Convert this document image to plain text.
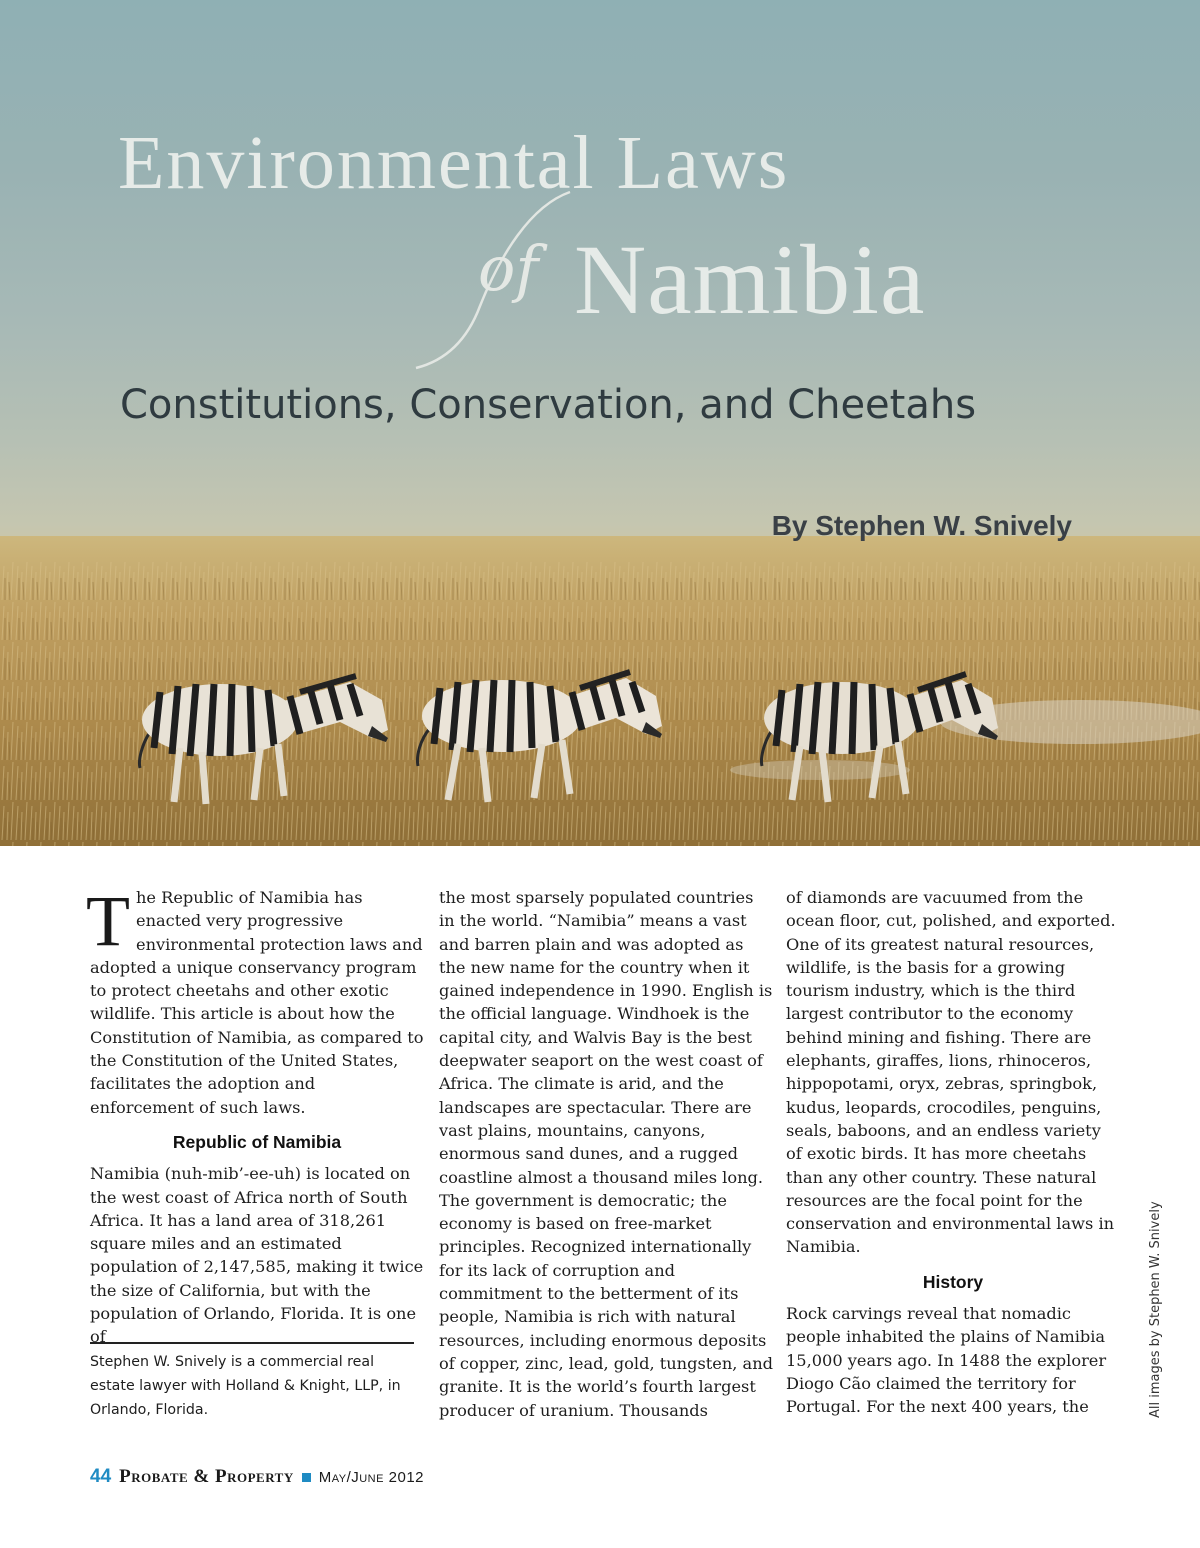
Environmental Laws
of Namibia
Constitutions, Conservation, and Cheetahs
By Stephen W. Snively

The Republic of Namibia has enacted very progressive environmental protection laws and adopted a unique conservancy program to protect cheetahs and other exotic wildlife. This article is about how the Constitution of Namibia, as compared to the Constitution of the United States, facilitates the adoption and enforcement of such laws.

Republic of Namibia

Namibia (nuh-mib’-ee-uh) is located on the west coast of Africa north of South Africa. It has a land area of 318,261 square miles and an estimated population of 2,147,585, making it twice the size of California, but with the population of Orlando, Florida. It is one of

Stephen W. Snively is a commercial real estate lawyer with Holland & Knight, LLP, in Orlando, Florida.

the most sparsely populated countries in the world. “Namibia” means a vast and barren plain and was adopted as the new name for the country when it gained independence in 1990. English is the official language. Windhoek is the capital city, and Walvis Bay is the best deepwater seaport on the west coast of Africa. The climate is arid, and the landscapes are spectacular. There are vast plains, mountains, canyons, enormous sand dunes, and a rugged coastline almost a thousand miles long. The government is democratic; the economy is based on free-market principles. Recognized internationally for its lack of corruption and commitment to the betterment of its people, Namibia is rich with natural resources, including enormous deposits of copper, zinc, lead, gold, tungsten, and granite. It is the world’s fourth largest producer of uranium. Thousands

of diamonds are vacuumed from the ocean floor, cut, polished, and exported. One of its greatest natural resources, wildlife, is the basis for a growing tourism industry, which is the third largest contributor to the economy behind mining and fishing. There are elephants, giraffes, lions, rhinoceros, hippopotami, oryx, zebras, springbok, kudus, leopards, crocodiles, penguins, seals, baboons, and an endless variety of exotic birds. It has more cheetahs than any other country. These natural resources are the focal point for the conservation and environmental laws in Namibia.

History

Rock carvings reveal that nomadic people inhabited the plains of Namibia 15,000 years ago. In 1488 the explorer Diogo Cão claimed the territory for Portugal. For the next 400 years, the	All images by Stephen W. Snively
44 Probate & Property May/June 2012
